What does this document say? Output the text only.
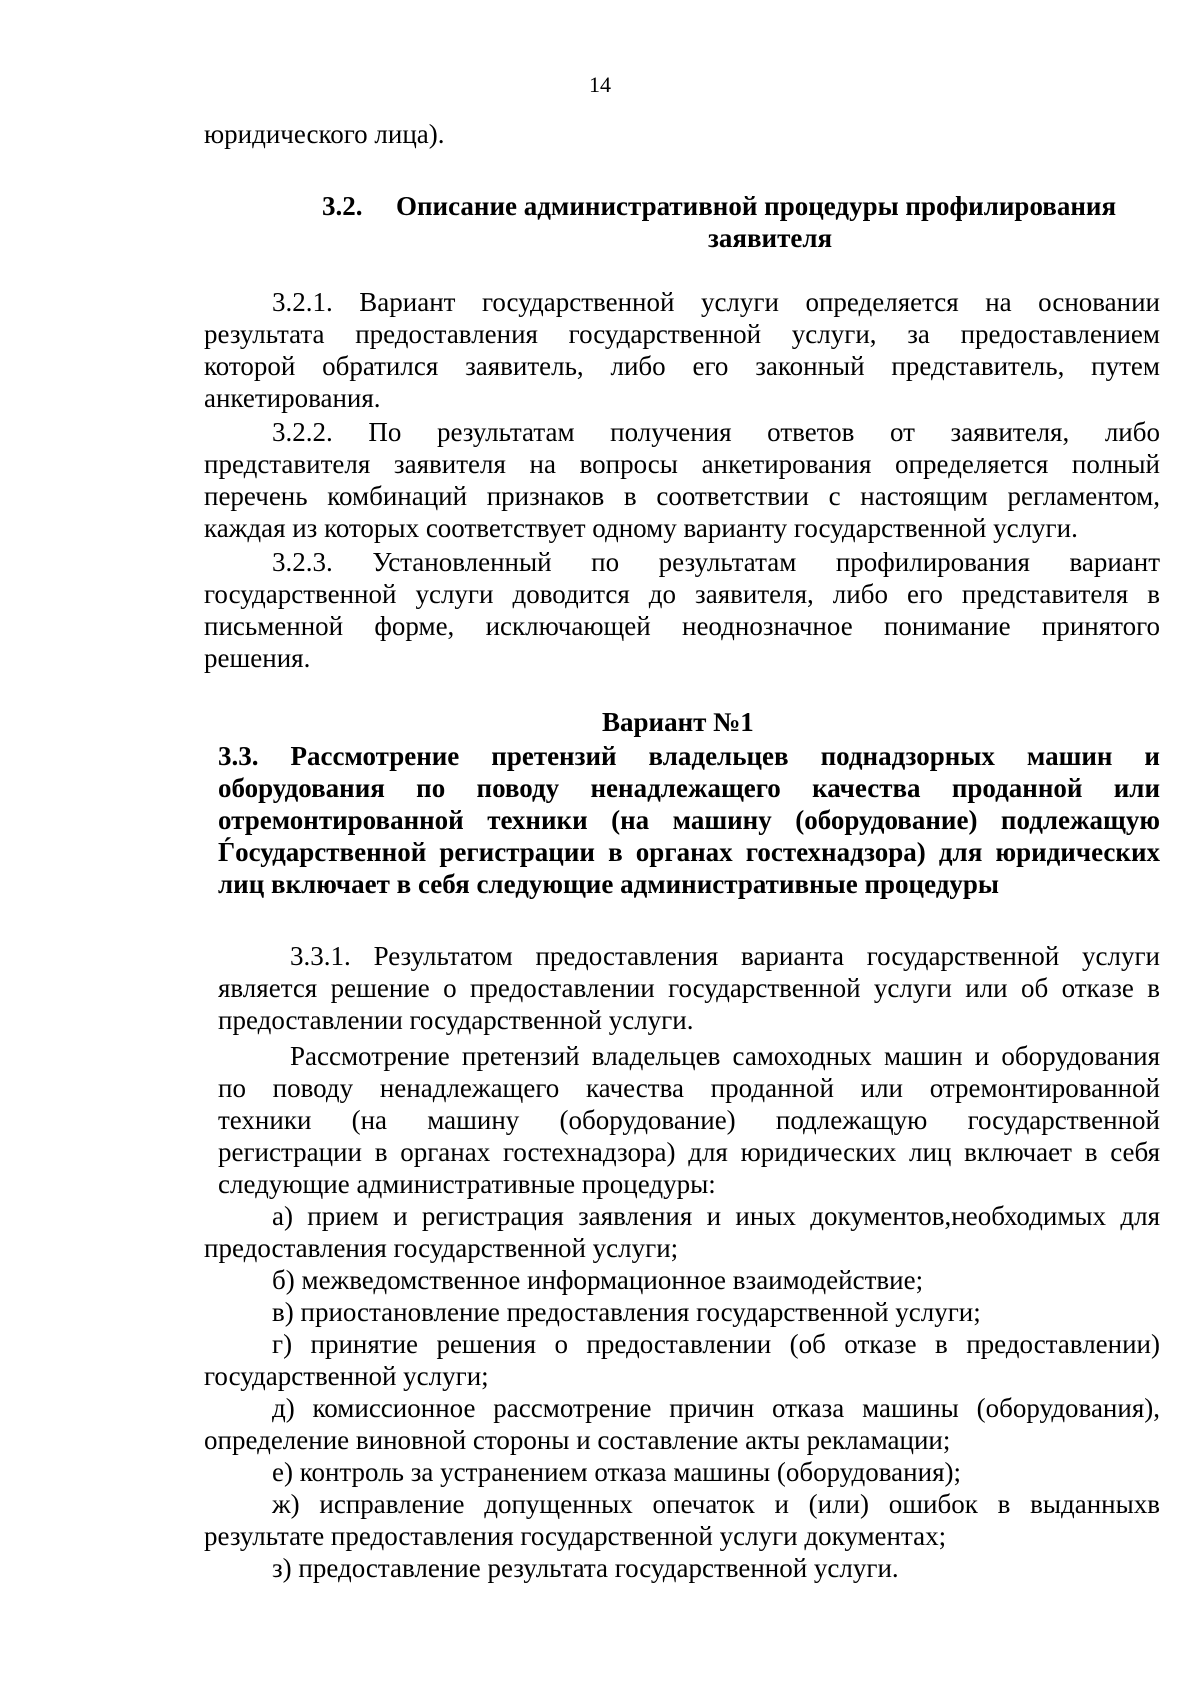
14
юридического лица).
3.2. Описание административной процедуры профилирования
заявителя
3.2.1. Вариант государственной услуги определяется на основании
результата предоставления государственной услуги, за предоставлением
которой обратился заявитель, либо его законный представитель, путем
анкетирования.
3.2.2. По результатам получения ответов от заявителя, либо
представителя заявителя на вопросы анкетирования определяется полный
перечень комбинаций признаков в соответствии с настоящим регламентом,
каждая из которых соответствует одному варианту государственной услуги.
3.2.3. Установленный по результатам профилирования вариант
государственной услуги доводится до заявителя, либо его представителя в
письменной форме, исключающей неоднозначное понимание принятого
решения.
Вариант №1
3.3. Рассмотрение претензий владельцев поднадзорных машин и
оборудования по поводу ненадлежащего качества проданной или
отремонтированной техники (на машину (оборудование) подлежащую
Ѓосударственной регистрации в органах гостехнадзора) для юридических
лиц включает в себя следующие административные процедуры
3.3.1. Результатом предоставления варианта государственной услуги
является решение о предоставлении государственной услуги или об отказе в
предоставлении государственной услуги.
Рассмотрение претензий владельцев самоходных машин и оборудования
по поводу ненадлежащего качества проданной или отремонтированной
техники (на машину (оборудование) подлежащую государственной
регистрации в органах гостехнадзора) для юридических лиц включает в себя
следующие административные процедуры:
а) прием и регистрация заявления и иных документов,необходимых для
предоставления государственной услуги;
б) межведомственное информационное взаимодействие;
в) приостановление предоставления государственной услуги;
г) принятие решения о предоставлении (об отказе в предоставлении)
государственной услуги;
д) комиссионное рассмотрение причин отказа машины (оборудования),
определение виновной стороны и составление акты рекламации;
е) контроль за устранением отказа машины (оборудования);
ж) исправление допущенных опечаток и (или) ошибок в выданныхв
результате предоставления государственной услуги документах;
з) предоставление результата государственной услуги.
